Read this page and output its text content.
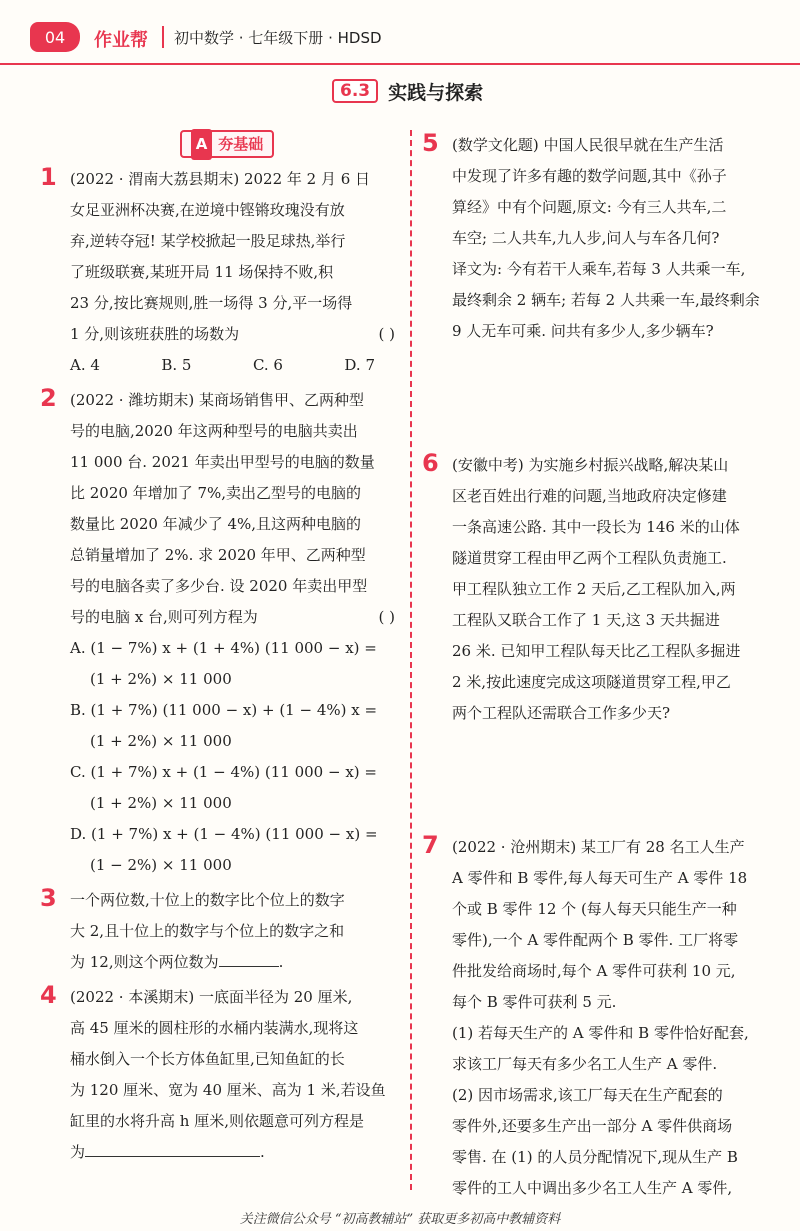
04	作业帮 初中数学 · 七年级下册 · HDSD
6.3 实践与探索
A 夯基础
1 (2022 · 渭南大荔县期末) 2022 年 2 月 6 日
女足亚洲杯决赛,在逆境中铿锵玫瑰没有放
弃,逆转夺冠! 某学校掀起一股足球热,举行
了班级联赛,某班开局 11 场保持不败,积
23 分,按比赛规则,胜一场得 3 分,平一场得
1 分,则该班获胜的场数为	( )
A. 4	B. 5	C. 6	D. 7
2 (2022 · 潍坊期末) 某商场销售甲、乙两种型
号的电脑,2020 年这两种型号的电脑共卖出
11 000 台. 2021 年卖出甲型号的电脑的数量
比 2020 年增加了 7%,卖出乙型号的电脑的
数量比 2020 年减少了 4%,且这两种电脑的
总销量增加了 2%. 求 2020 年甲、乙两种型
号的电脑各卖了多少台. 设 2020 年卖出甲型
号的电脑 x 台,则可列方程为	( )
A. (1 − 7%) x + (1 + 4%) (11 000 − x) =
(1 + 2%) × 11 000
B. (1 + 7%) (11 000 − x) + (1 − 4%) x =
(1 + 2%) × 11 000
C. (1 + 7%) x + (1 − 4%) (11 000 − x) =
(1 + 2%) × 11 000
D. (1 + 7%) x + (1 − 4%) (11 000 − x) =
(1 − 2%) × 11 000
3 一个两位数,十位上的数字比个位上的数字
大 2,且十位上的数字与个位上的数字之和
为 12,则这个两位数为	.
4 (2022 · 本溪期末) 一底面半径为 20 厘米,
高 45 厘米的圆柱形的水桶内装满水,现将这
桶水倒入一个长方体鱼缸里,已知鱼缸的长
为 120 厘米、宽为 40 厘米、高为 1 米,若设鱼
缸里的水将升高 h 厘米,则依题意可列方程是
为	.
5 (数学文化题) 中国人民很早就在生产生活
中发现了许多有趣的数学问题,其中《孙子
算经》中有个问题,原文: 今有三人共车,二
车空; 二人共车,九人步,问人与车各几何?
译文为: 今有若干人乘车,若每 3 人共乘一车,
最终剩余 2 辆车; 若每 2 人共乘一车,最终剩余
9 人无车可乘. 问共有多少人,多少辆车?
6 (安徽中考) 为实施乡村振兴战略,解决某山
区老百姓出行难的问题,当地政府决定修建
一条高速公路. 其中一段长为 146 米的山体
隧道贯穿工程由甲乙两个工程队负责施工.
甲工程队独立工作 2 天后,乙工程队加入,两
工程队又联合工作了 1 天,这 3 天共掘进
26 米. 已知甲工程队每天比乙工程队多掘进
2 米,按此速度完成这项隧道贯穿工程,甲乙
两个工程队还需联合工作多少天?
7 (2022 · 沧州期末) 某工厂有 28 名工人生产
A 零件和 B 零件,每人每天可生产 A 零件 18
个或 B 零件 12 个 (每人每天只能生产一种
零件),一个 A 零件配两个 B 零件. 工厂将零
件批发给商场时,每个 A 零件可获利 10 元,
每个 B 零件可获利 5 元.
(1) 若每天生产的 A 零件和 B 零件恰好配套,
求该工厂每天有多少名工人生产 A 零件.
(2) 因市场需求,该工厂每天在生产配套的
零件外,还要多生产出一部分 A 零件供商场
零售. 在 (1) 的人员分配情况下,现从生产 B
零件的工人中调出多少名工人生产 A 零件,
关注微信公众号 “初高教辅站” 获取更多初高中教辅资料
